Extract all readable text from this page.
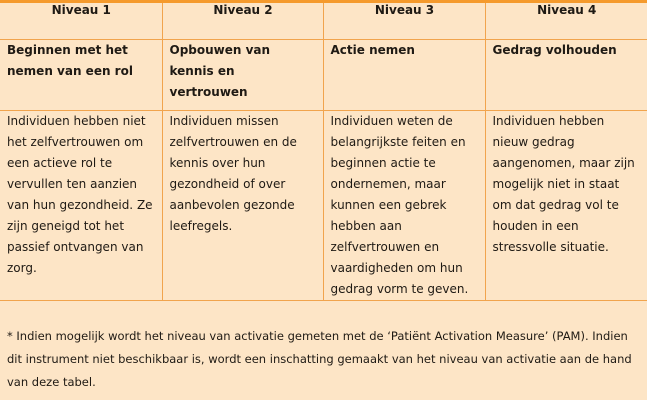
Niveau 1	Niveau 2	Niveau 3	Niveau 4
Beginnen met het nemen van een rol	Opbouwen van kennis en vertrouwen	Actie nemen	Gedrag volhouden
Individuen hebben niet het zelfvertrouwen om een actieve rol te vervullen ten aanzien van hun gezondheid. Ze zijn geneigd tot het passief ontvangen van zorg.	Individuen missen zelfvertrouwen en de kennis over hun gezondheid of over aanbevolen gezonde leefregels.	Individuen weten de belangrijkste feiten en beginnen actie te ondernemen, maar kunnen een gebrek hebben aan zelfvertrouwen en vaardigheden om hun gedrag vorm te geven.	Individuen hebben nieuw gedrag aangenomen, maar zijn mogelijk niet in staat om dat gedrag vol te houden in een stressvolle situatie.
* Indien mogelijk wordt het niveau van activatie gemeten met de ‘Patiënt Activation Measure’ (PAM). Indien dit instrument niet beschikbaar is, wordt een inschatting gemaakt van het niveau van activatie aan de hand van deze tabel.
